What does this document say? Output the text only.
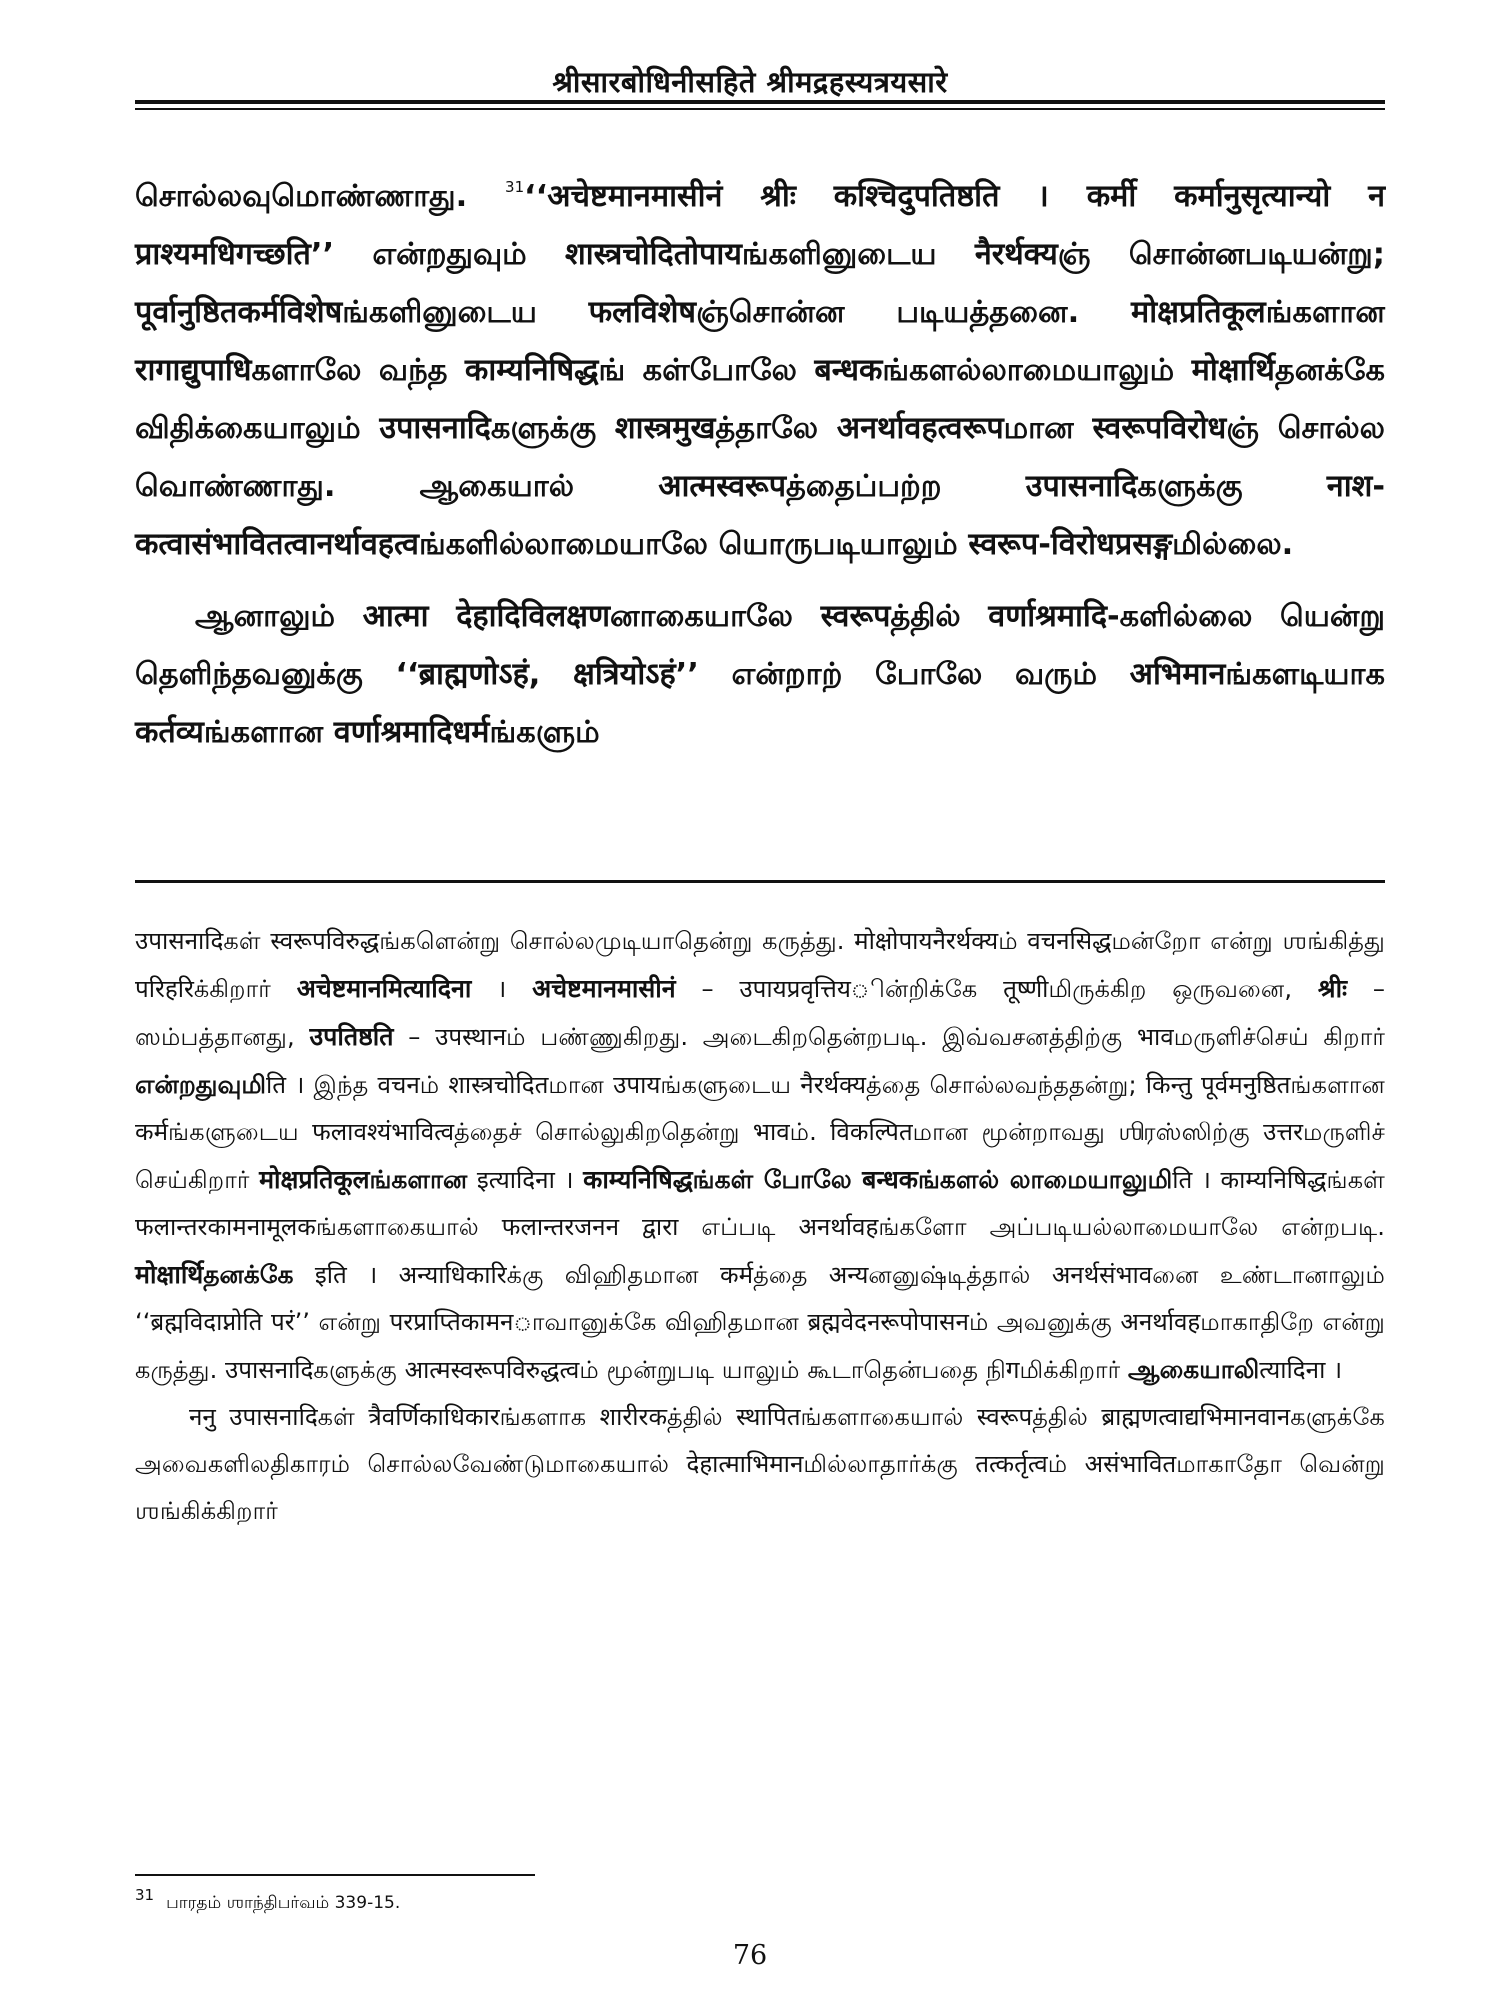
श्रीसारबोधिनीसहिते श्रीमद्रहस्यत्रयसारे

சொல்லவுமொண்ணாது. $^{31}$‘‘अचेष्टमानमासीनं श्रीः कश्चिदुपतिष्ठति । कर्मी कर्मानुसृत्यान्यो न प्राश्यमधिगच्छति’’ என்றதுவும் शास्त्रचोदितोपायங்களினுடைய नैरर्थक्यஞ் சொன்னபடியன்று; पूर्वानुष्ठितकर्मविशेषங்களினுடைய फलविशेषஞ்சொன்ன படியத்தனை. मोक्षप्रतिकूलங்களான रागाद्युपाधिகளாலே வந்த काम्यनिषिद्धங் கள்போலே बन्धकங்களல்லாமையாலும் मोक्षार्थिதனக்கே விதிக்கையாலும் उपासनादिகளுக்கு शास्त्रमुखத்தாலே अनर्थावहत्वरूपமான स्वरूपविरोधஞ் சொல்ல வொண்ணாது. ஆகையால் आत्मस्वरूपத்தைப்பற்ற उपासनादिகளுக்கு नाश-कत्वासंभावितत्वानर्थावहत्वங்களில்லாமையாலே யொருபடியாலும் स्वरूप-विरोधप्रसङ्गமில்லை.

ஆனாலும் आत्मा देहादिविलक्षणனாகையாலே स्वरूपத்தில் वर्णाश्रमादि-களில்லை யென்று தெளிந்தவனுக்கு ‘‘ब्राह्मणोऽहं, क्षत्रियोऽहं’’ என்றாற் போலே வரும் अभिमानங்களடியாக कर्तव्यங்களான वर्णाश्रमादिधर्मங்களும்

उपासनादिகள் स्वरूपविरुद्धங்களென்று சொல்லமுடியாதென்று கருத்து. मोक्षोपायनैरर्थक्यம் वचनसिद्धமன்றோ என்று ஶங்கித்து परिहरिக்கிறார் अचेष्टमानमित्यादिना । अचेष्टमानमासीनं – उपायप्रवृत्तियின்றிக்கே तूष्णीமிருக்கிற ஒருவனை, श्रीः – ஸம்பத்தானது, उपतिष्ठति – उपस्थानம் பண்ணுகிறது. அடைகிறதென்றபடி. இவ்வசனத்திற்கு भावமருளிச்செய் கிறார் என்றதுவுமிति । இந்த वचनம் शास्त्रचोदितமான उपायங்களுடைய नैरर्थक्यத்தை சொல்லவந்ததன்று; किन्तु पूर्वमनुष्ठितங்களான कर्मங்களுடைய फलावश्यंभावित्वத்தைச் சொல்லுகிறதென்று भावம். विकल्पितமான மூன்றாவது ஶிரஸ்ஸிற்கு उत्तरமருளிச் செய்கிறார் मोक्षप्रतिकूलங்களான इत्यादिना । काम्यनिषिद्धங்கள் போலே बन्धकங்களல் லாமையாலுமிति । काम्यनिषिद्धங்கள் फलान्तरकामनामूलकங்களாகையால் फलान्तरजनन द्वारा எப்படி अनर्थावहங்களோ அப்படியல்லாமையாலே என்றபடி. मोक्षार्थिதனக்கே इति । अन्याधिकारिக்கு விஹிதமான कर्मத்தை अन्यனனுஷ்டித்தால் अनर्थसंभावனை உண்டானாலும் ‘‘ब्रह्मविदाप्नोति परं’’ என்று परप्राप्तिकामनாவானுக்கே விஹிதமான ब्रह्मवेदनरूपोपासनம் அவனுக்கு अनर्थावहமாகாதிறே என்று கருத்து. उपासनादिகளுக்கு आत्मस्वरूपविरुद्धत्वம் மூன்றுபடி யாலும் கூடாதென்பதை நிगமிக்கிறார் ஆகையாலிत्यादिना ।

ननु उपासनादिகள் त्रैवर्णिकाधिकारங்களாக शारीरकத்தில் स्थापितங்களாகையால் स्वरूपத்தில் ब्राह्मणत्वाद्यभिमानवानகளுக்கே அவைகளிலதிகாரம் சொல்லவேண்டுமாகையால் देहात्माभिमानமில்லாதார்க்கு तत्कर्तृत्वம் असंभावितமாகாதோ வென்று ஶங்கிக்கிறார்

31 பாரதம் ஶாந்திபர்வம் 339-15.
76
